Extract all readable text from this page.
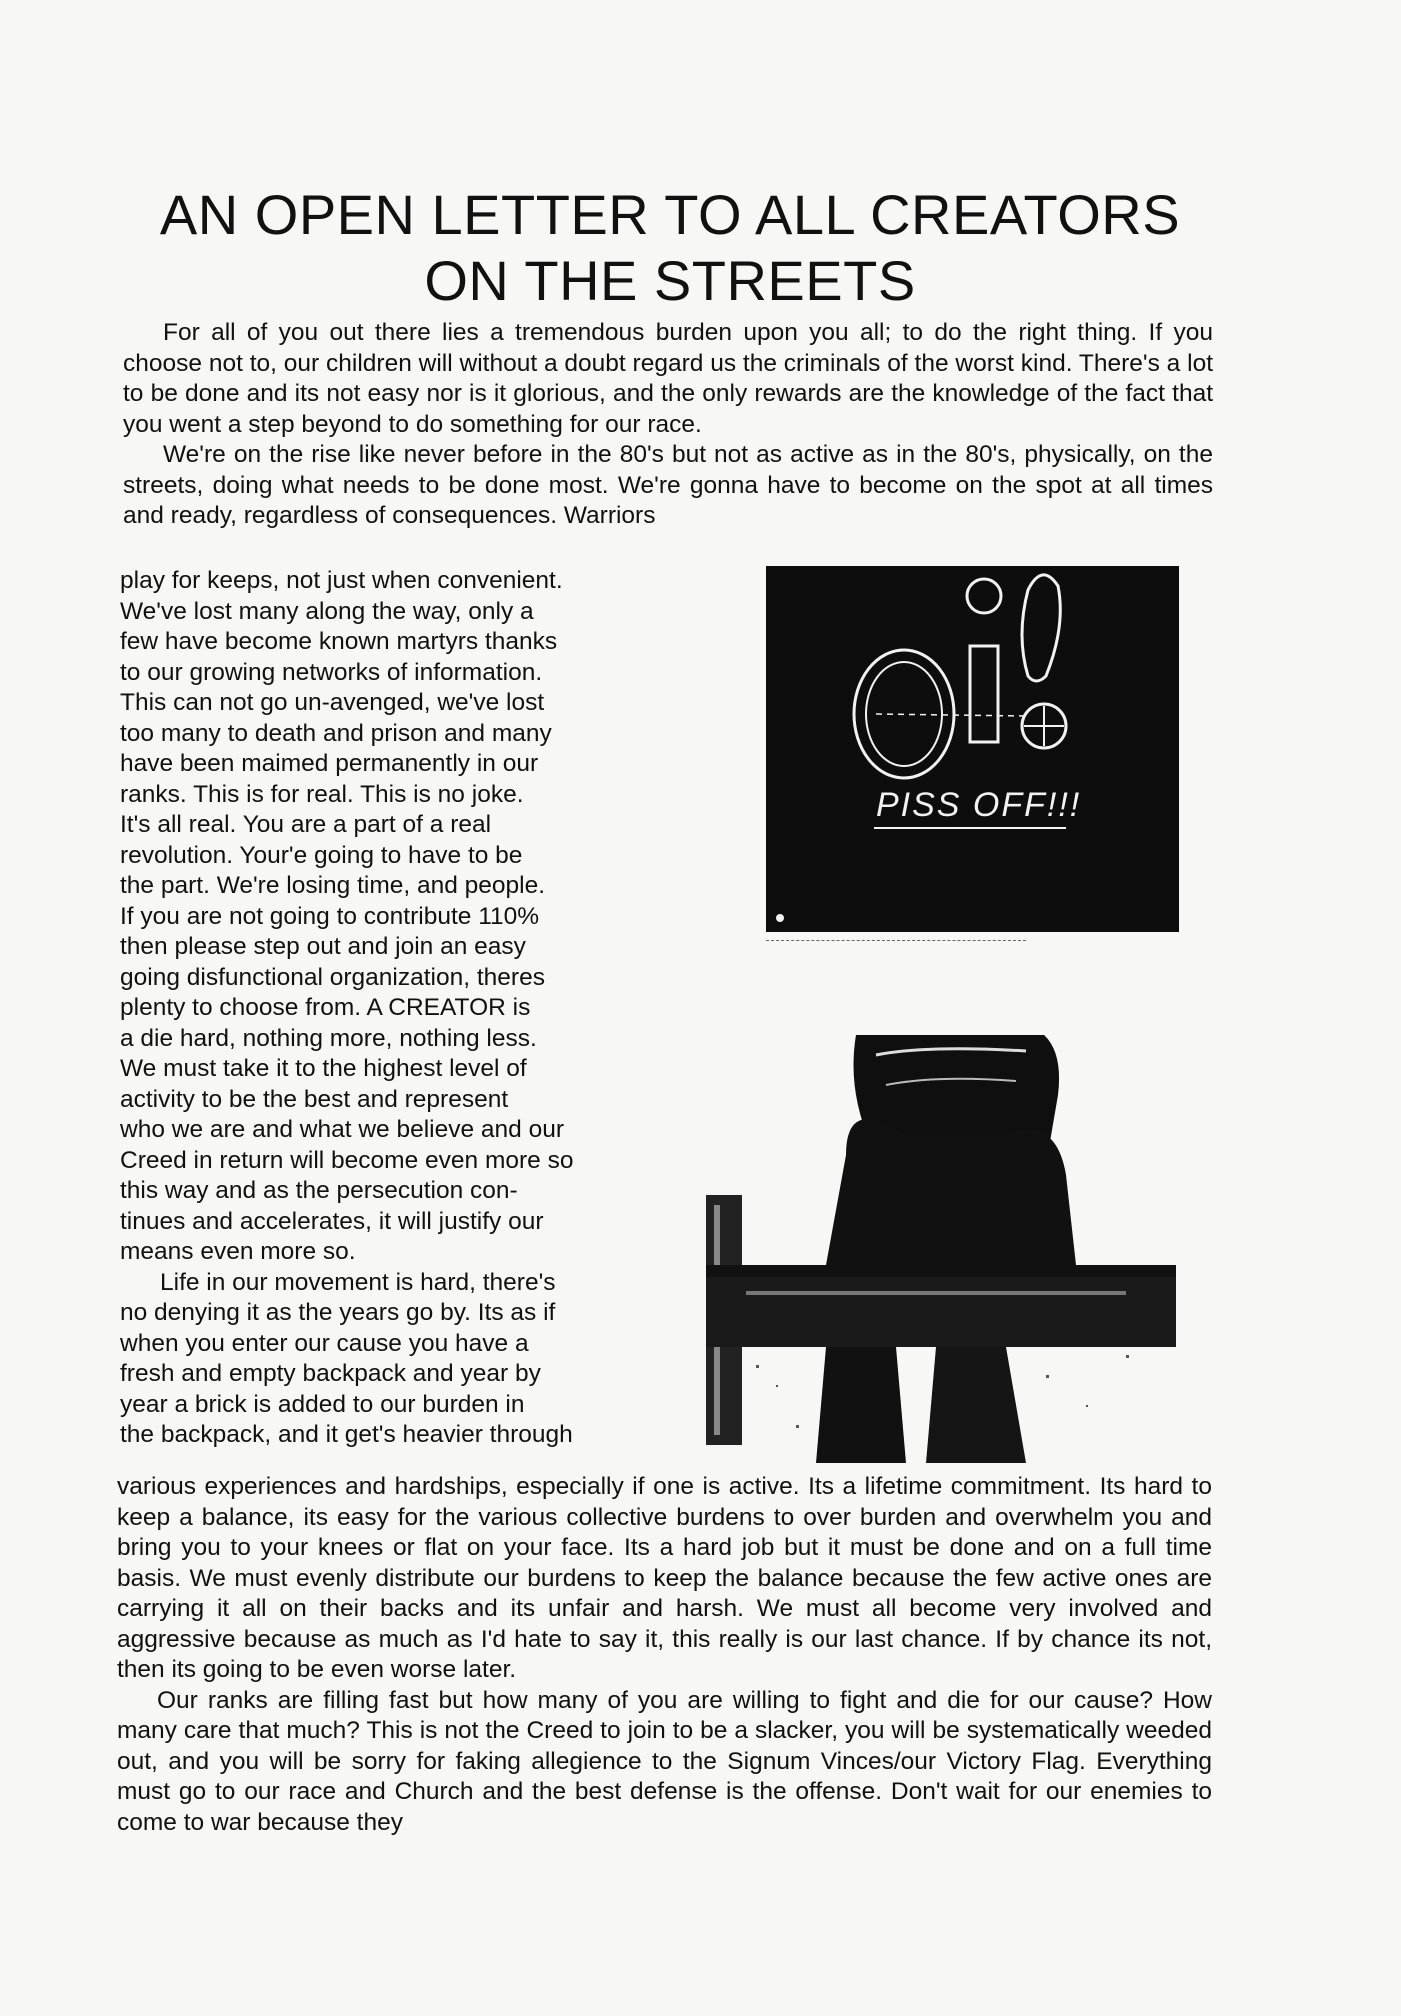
AN OPEN LETTER TO ALL CREATORS
ON THE STREETS

For all of you out there lies a tremendous burden upon you all; to do the right thing. If you choose not to, our children will without a doubt regard us the criminals of the worst kind. There's a lot to be done and its not easy nor is it glorious, and the only rewards are the knowledge of the fact that you went a step beyond to do something for our race.

We're on the rise like never before in the 80's but not as active as in the 80's, physically, on the streets, doing what needs to be done most. We're gonna have to become on the spot at all times and ready, regardless of consequences. Warriors

play for keeps, not just when convenient.
We've lost many along the way, only a
few have become known martyrs thanks
to our growing networks of information.
This can not go un-avenged, we've lost
too many to death and prison and many
have been maimed permanently in our
ranks. This is for real. This is no joke.
It's all real. You are a part of a real
revolution. Your'e going to have to be
the part. We're losing time, and people.
If you are not going to contribute 110%
then please step out and join an easy
going disfunctional organization, theres
plenty to choose from. A CREATOR is
a die hard, nothing more, nothing less.
We must take it to the highest level of
activity to be the best and represent
who we are and what we believe and our
Creed in return will become even more so
this way and as the persecution con-
tinues and accelerates, it will justify our
means even more so.
Life in our movement is hard, there's
no denying it as the years go by. Its as if
when you enter our cause you have a
fresh and empty backpack and year by
year a brick is added to our burden in
the backpack, and it get's heavier through
PISS OFF!!!

various experiences and hardships, especially if one is active. Its a lifetime commitment. Its hard to keep a balance, its easy for the various collective burdens to over burden and overwhelm you and bring you to your knees or flat on your face. Its a hard job but it must be done and on a full time basis. We must evenly distribute our burdens to keep the balance because the few active ones are carrying it all on their backs and its unfair and harsh. We must all become very involved and aggressive because as much as I'd hate to say it, this really is our last chance. If by chance its not, then its going to be even worse later.

Our ranks are filling fast but how many of you are willing to fight and die for our cause? How many care that much? This is not the Creed to join to be a slacker, you will be systematically weeded out, and you will be sorry for faking allegience to the Signum Vinces/our Victory Flag. Everything must go to our race and Church and the best defense is the offense. Don't wait for our enemies to come to war because they
